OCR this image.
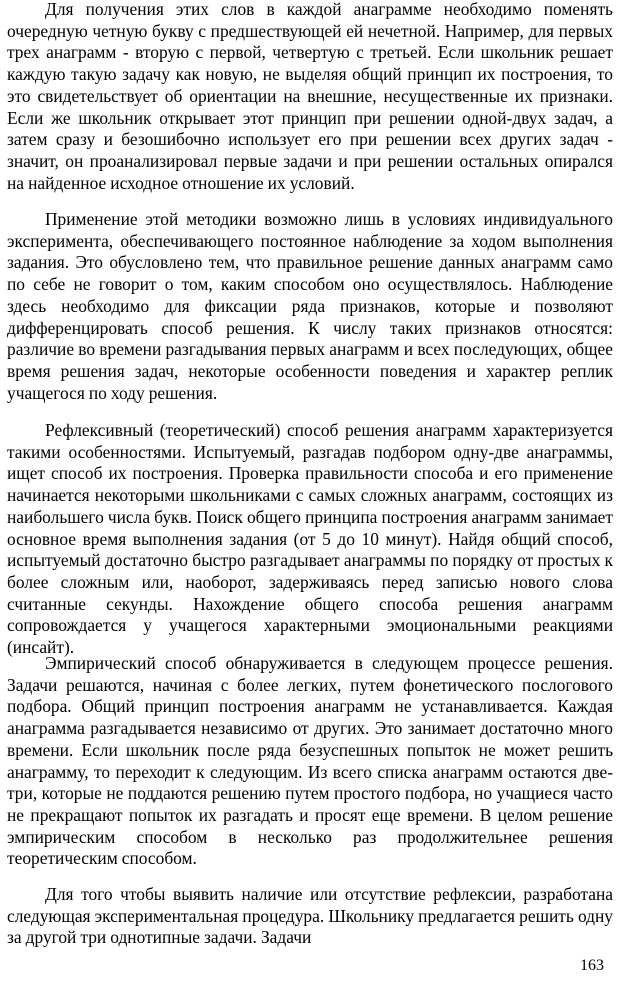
Для получения этих слов в каждой анаграмме необходимо поменять очередную четную букву с предшествующей ей нечетной. Например, для первых трех анаграмм - вторую с первой, четвертую с третьей. Если школьник решает каждую такую задачу как новую, не выделяя общий принцип их построения, то это свидетельствует об ориентации на внешние, несущественные их признаки. Если же школьник открывает этот принцип при решении одной-двух задач, а затем сразу и безошибочно использует его при решении всех других задач - значит, он проанализировал первые задачи и при решении остальных опирался на найденное исходное отношение их условий.

Применение этой методики возможно лишь в условиях индивидуального эксперимента, обеспечивающего постоянное наблюдение за ходом выполнения задания. Это обусловлено тем, что правильное решение данных анаграмм само по себе не говорит о том, каким способом оно осуществлялось. Наблюдение здесь необходимо для фиксации ряда признаков, которые и позволяют дифференцировать способ решения. К числу таких признаков относятся: различие во времени разгадывания первых анаграмм и всех последующих, общее время решения задач, некоторые особенности поведения и характер реплик учащегося по ходу решения.

Рефлексивный (теоретический) способ решения анаграмм характеризуется такими особенностями. Испытуемый, разгадав подбором одну-две анаграммы, ищет способ их построения. Проверка правильности способа и его применение начинается некоторыми школьниками с самых сложных анаграмм, состоящих из наибольшего числа букв. Поиск общего принципа построения анаграмм занимает основное время выполнения задания (от 5 до 10 минут). Найдя общий способ, испытуемый достаточно быстро разгадывает анаграммы по порядку от простых к более сложным или, наоборот, задерживаясь перед записью нового слова считанные секунды. Нахождение общего способа решения анаграмм сопровождается у учащегося характерными эмоциональными реакциями (инсайт).

Эмпирический способ обнаруживается в следующем процессе решения. Задачи решаются, начиная с более легких, путем фонетического послогового подбора. Общий принцип построения анаграмм не устанавливается. Каждая анаграмма разгадывается независимо от других. Это занимает достаточно много времени. Если школьник после ряда безуспешных попыток не может решить анаграмму, то переходит к следующим. Из всего списка анаграмм остаются две-три, которые не поддаются решению путем простого подбора, но учащиеся часто не прекращают попыток их разгадать и просят еще времени. В целом решение эмпирическим способом в несколько раз продолжительнее решения теоретическим способом.

Для того чтобы выявить наличие или отсутствие рефлексии, разработана следующая экспериментальная процедура. Школьнику предлагается решить одну за другой три однотипные задачи. Задачи

163
